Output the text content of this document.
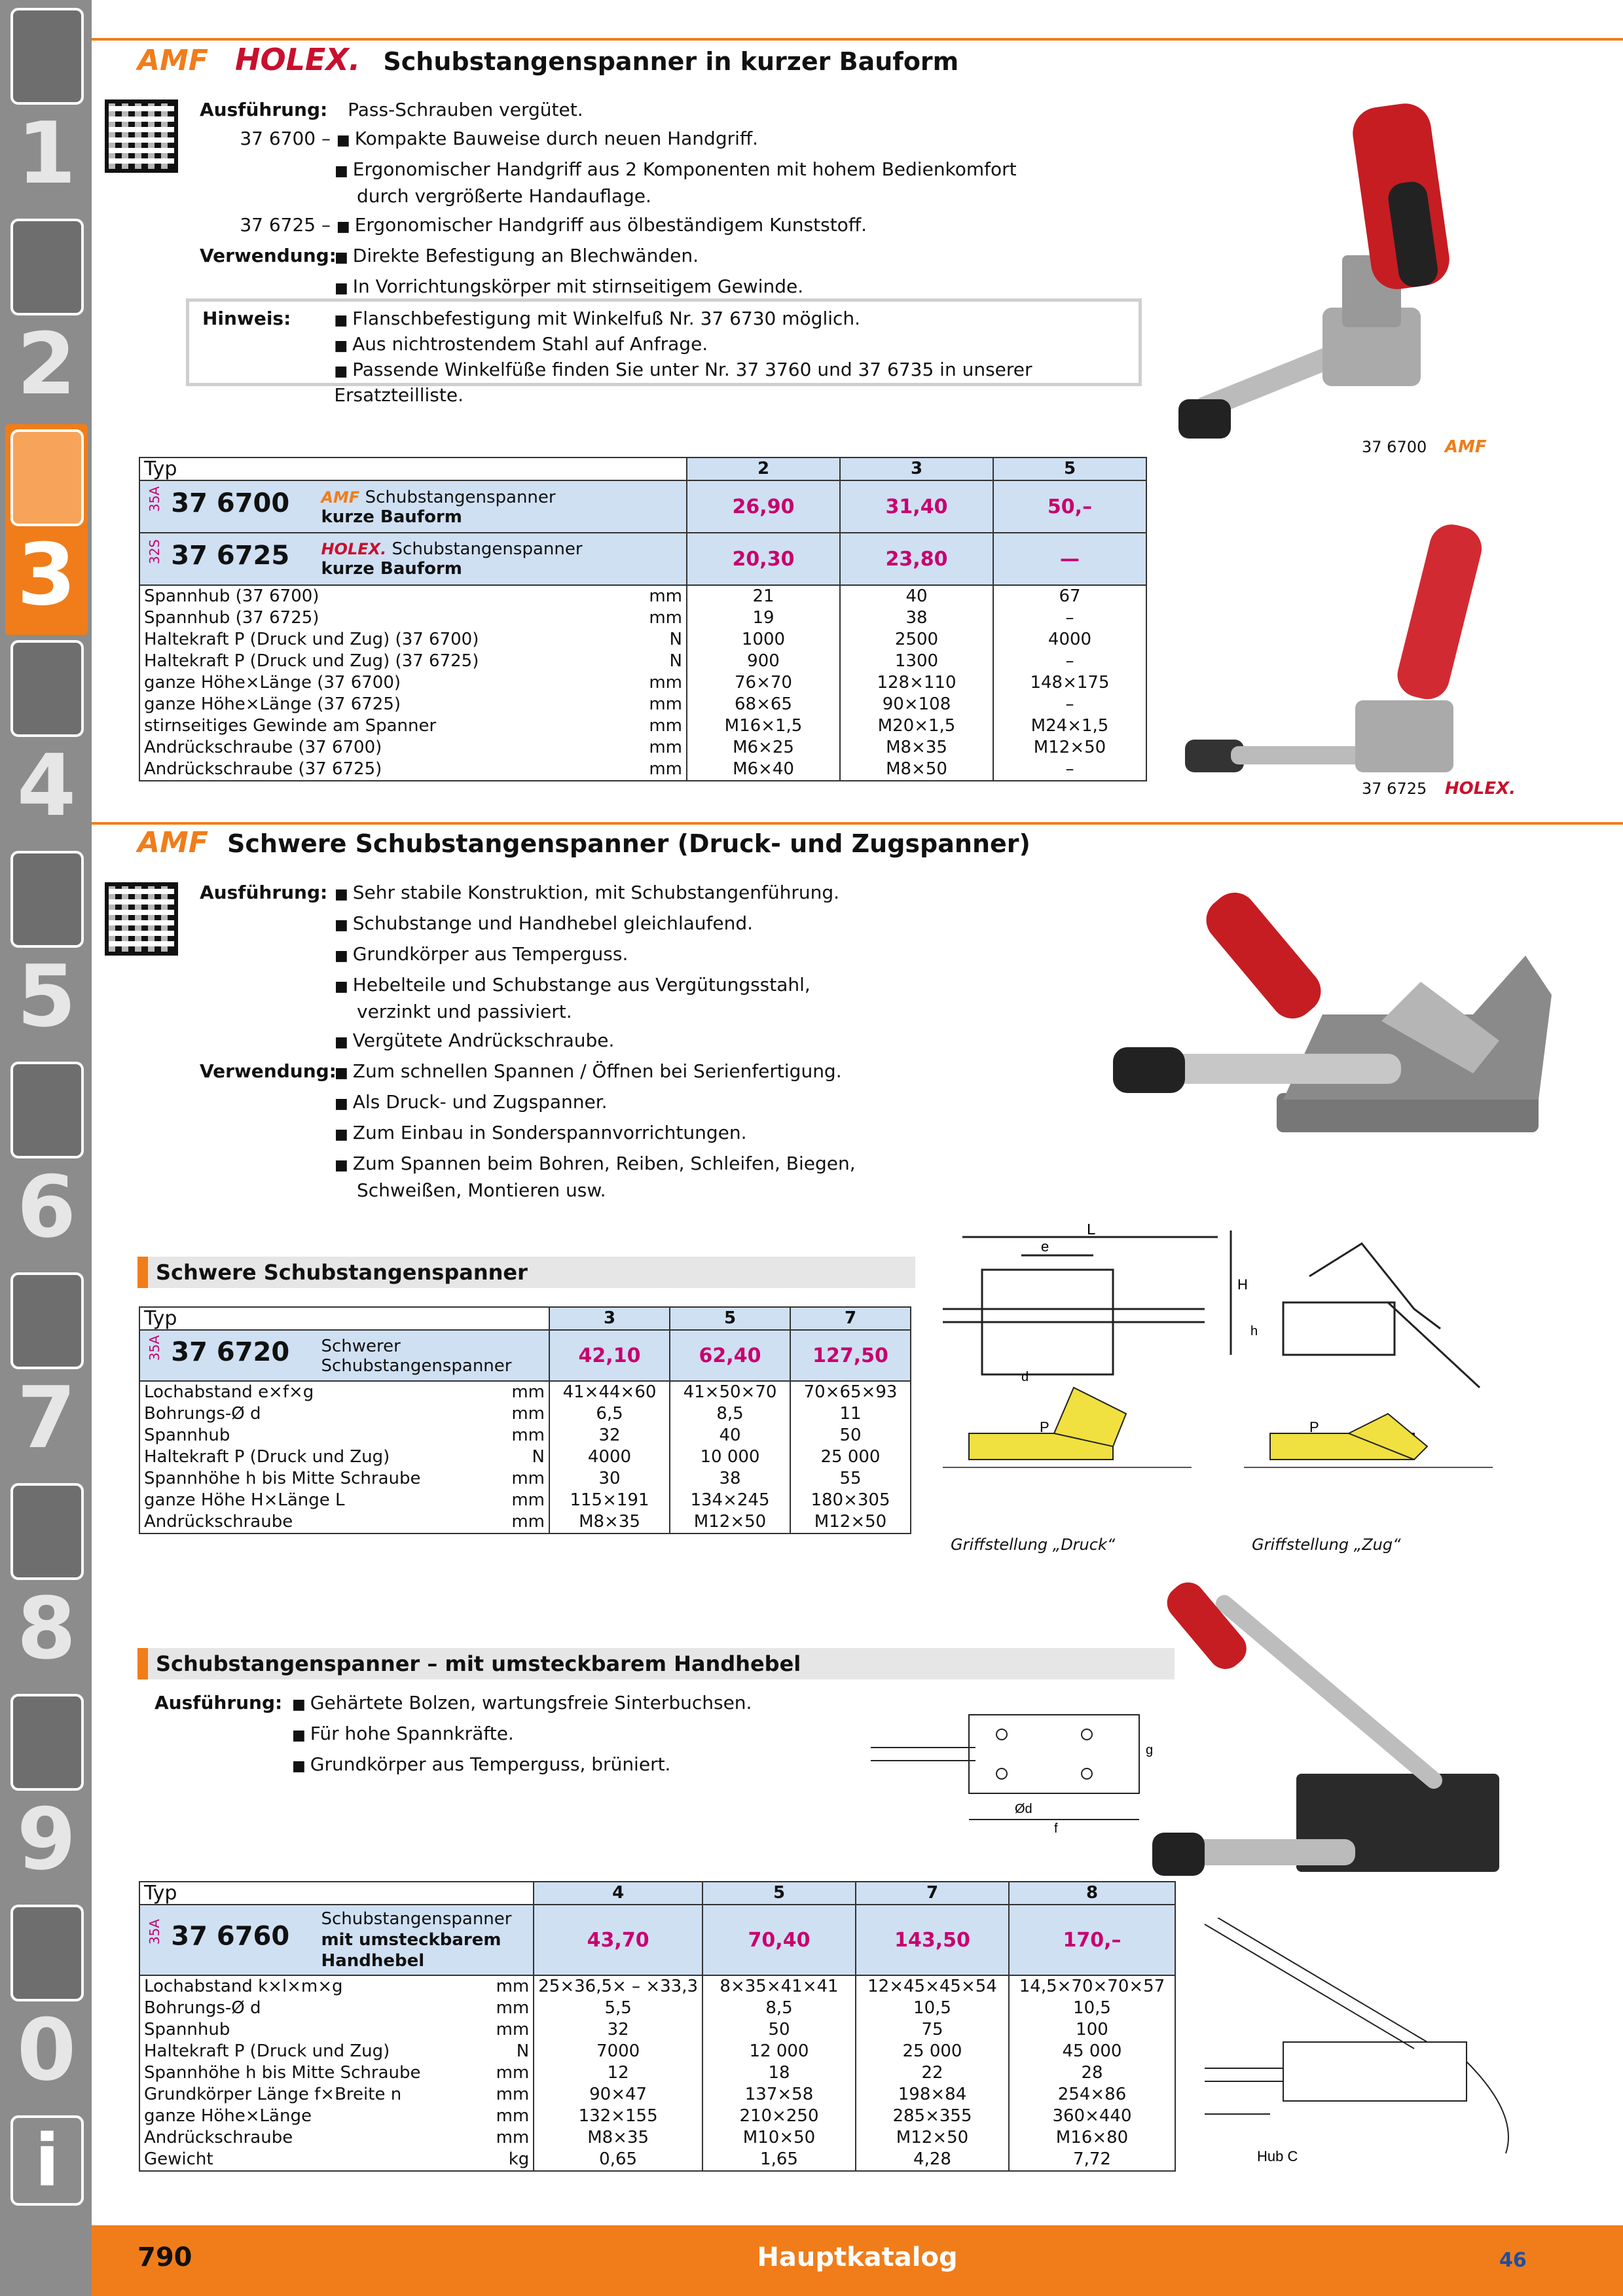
1
2
3
4
5
6
7
8
9
0
i
AMF HOLEX. Schubstangenspanner in kurzer Bauform
Ausführung: Pass-Schrauben vergütet.
37 6700 – ■ Kompakte Bauweise durch neuen Handgriff.
■ Ergonomischer Handgriff aus 2 Komponenten mit hohem Bedienkomfort
durch vergrößerte Handauflage.
37 6725 – ■ Ergonomischer Handgriff aus ölbeständigem Kunststoff.
Verwendung: ■ Direkte Befestigung an Blechwänden.
■ In Vorrichtungskörper mit stirnseitigem Gewinde.
Hinweis:	■ Flanschbefestigung mit Winkelfuß Nr. 37 6730 möglich.
■ Aus nichtrostendem Stahl auf Anfrage.
■ Passende Winkelfüße finden Sie unter Nr. 37 3760 und 37 6735 in unserer Ersatzteilliste.
37 6700 AMF
37 6725 HOLEX.
Typ		2	3	5
35A 37 6700 AMF Schubstangenspanner
kurze Bauform		26,90	31,40	50,–
32S 37 6725 HOLEX. Schubstangenspanner
kurze Bauform		20,30	23,80	—
Spannhub (37 6700)	mm	21	40	67
Spannhub (37 6725)	mm	19	38	–
Haltekraft P (Druck und Zug) (37 6700)	N	1000	2500	4000
Haltekraft P (Druck und Zug) (37 6725)	N	900	1300	–
ganze Höhe×Länge (37 6700)	mm	76×70	128×110	148×175
ganze Höhe×Länge (37 6725)	mm	68×65	90×108	–
stirnseitiges Gewinde am Spanner	mm	M16×1,5	M20×1,5	M24×1,5
Andrückschraube (37 6700)	mm	M6×25	M8×35	M12×50
Andrückschraube (37 6725)	mm	M6×40	M8×50	–

AMF Schwere Schubstangenspanner (Druck- und Zugspanner)
Ausführung: ■ Sehr stabile Konstruktion, mit Schubstangenführung.
■ Schubstange und Handhebel gleichlaufend.
■ Grundkörper aus Temperguss.
■ Hebelteile und Schubstange aus Vergütungsstahl,
verzinkt und passiviert.
■ Vergütete Andrückschraube.
Verwendung: ■ Zum schnellen Spannen / Öffnen bei Serienfertigung.
■ Als Druck- und Zugspanner.
■ Zum Einbau in Sonderspannvorrichtungen.
■ Zum Spannen beim Bohren, Reiben, Schleifen, Biegen,
Schweißen, Montieren usw.
L
e
H
h
d
P	P
Griffstellung „Druck“	Griffstellung „Zug“
Schwere Schubstangenspanner
Typ		3	5	7
35A 37 6720 Schwerer
Schubstangenspanner		42,10	62,40	127,50
Lochabstand e×f×g	mm	41×44×60	41×50×70	70×65×93
Bohrungs-Ø d	mm	6,5	8,5	11
Spannhub	mm	32	40	50
Haltekraft P (Druck und Zug)	N	4000	10 000	25 000
Spannhöhe h bis Mitte Schraube	mm	30	38	55
ganze Höhe H×Länge L	mm	115×191	134×245	180×305
Andrückschraube	mm	M8×35	M12×50	M12×50

Schubstangenspanner – mit umsteckbarem Handhebel
Ausführung: ■ Gehärtete Bolzen, wartungsfreie Sinterbuchsen.
■ Für hohe Spannkräfte.
■ Grundkörper aus Temperguss, brüniert.
Ød
g
f
Hub C
Typ		4	5	7	8
35A 37 6760 Schubstangenspanner
mit umsteckbarem
Handhebel		43,70	70,40	143,50	170,–
Lochabstand k×l×m×g	mm	25×36,5× – ×33,3	8×35×41×41	12×45×45×54	14,5×70×70×57
Bohrungs-Ø d	mm	5,5	8,5	10,5	10,5
Spannhub	mm	32	50	75	100
Haltekraft P (Druck und Zug)	N	7000	12 000	25 000	45 000
Spannhöhe h bis Mitte Schraube	mm	12	18	22	28
Grundkörper Länge f×Breite n	mm	90×47	137×58	198×84	254×86
ganze Höhe×Länge	mm	132×155	210×250	285×355	360×440
Andrückschraube	mm	M8×35	M10×50	M12×50	M16×80
Gewicht	kg	0,65	1,65	4,28	7,72

790	Hauptkatalog	46
